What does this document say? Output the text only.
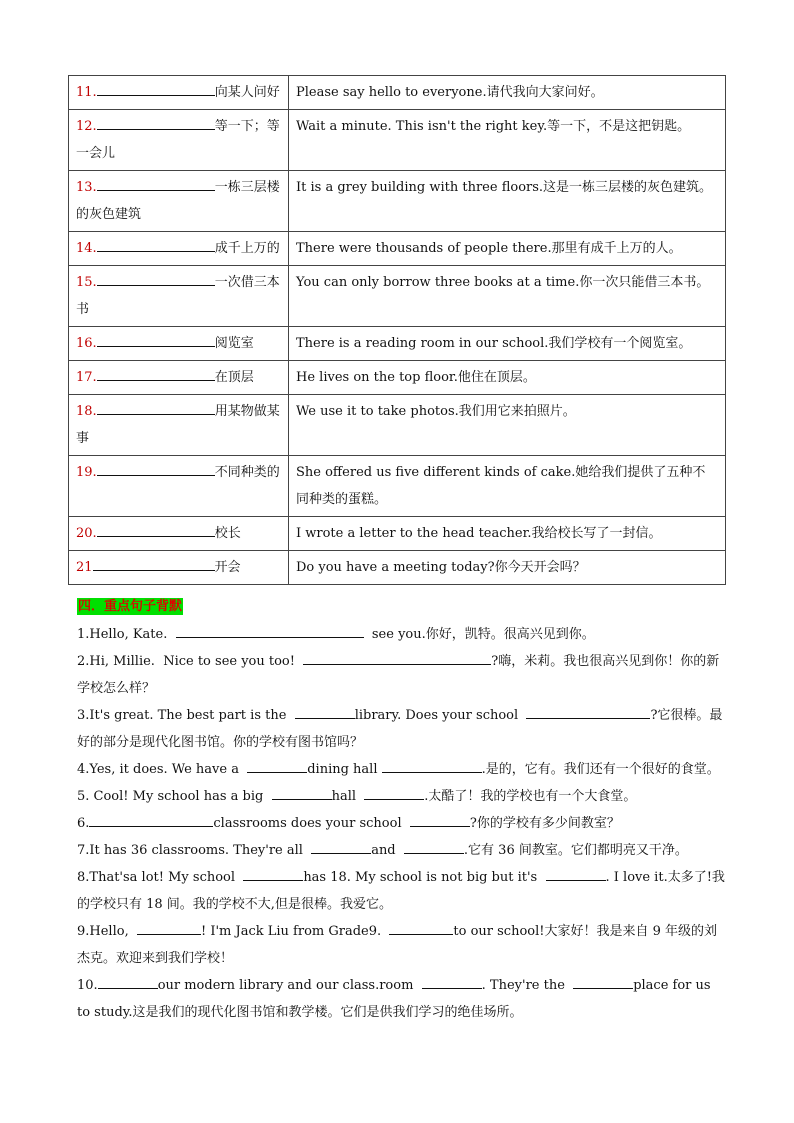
11. 向某人问好	Please say hello to everyone.请代我向大家问好。
12. 等一下；等一会儿	Wait a minute. This isn't the right key.等一下，不是这把钥匙。
13. 一栋三层楼的灰色建筑	It is a grey building with three floors.这是一栋三层楼的灰色建筑。
14. 成千上万的	There were thousands of people there.那里有成千上万的人。
15. 一次借三本书	You can only borrow three books at a time.你一次只能借三本书。
16. 阅览室	There is a reading room in our school.我们学校有一个阅览室。
17. 在顶层	He lives on the top floor.他住在顶层。
18. 用某物做某事	We use it to take photos.我们用它来拍照片。
19. 不同种类的	She offered us five different kinds of cake.她给我们提供了五种不同种类的蛋糕。
20. 校长	I wrote a letter to the head teacher.我给校长写了一封信。
21 开会	Do you have a meeting today?你今天开会吗？
四．重点句子背默

1.Hello, Kate.	see you.你好，凯特。很高兴见到你。

2.Hi, Millie.  Nice to see you too!	?嗨，米莉。我也很高兴见到你！你的新学校怎么样？

3.It's great. The best part is the	library. Does your school	?它很棒。最好的部分是现代化图书馆。你的学校有图书馆吗？

4.Yes, it does. We have a	dining hall	.是的，它有。我们还有一个很好的食堂。

5. Cool! My school has a big	hall	.太酷了！我的学校也有一个大食堂。

6.	classrooms does your school	?你的学校有多少间教室？

7.It has 36 classrooms. They're all	and	.它有 36 间教室。它们都明亮又干净。

8.That'sa lot! My school	has 18. My school is not big but it's	. I love it.太多了!我的学校只有 18 间。我的学校不大,但是很棒。我爱它。

9.Hello,	! I'm Jack Liu from Grade9.	to our school!大家好！我是来自 9 年级的刘杰克。欢迎来到我们学校！

10.	our modern library and our class.room	. They're the	place for us to study.这是我们的现代化图书馆和教学楼。它们是供我们学习的绝佳场所。
